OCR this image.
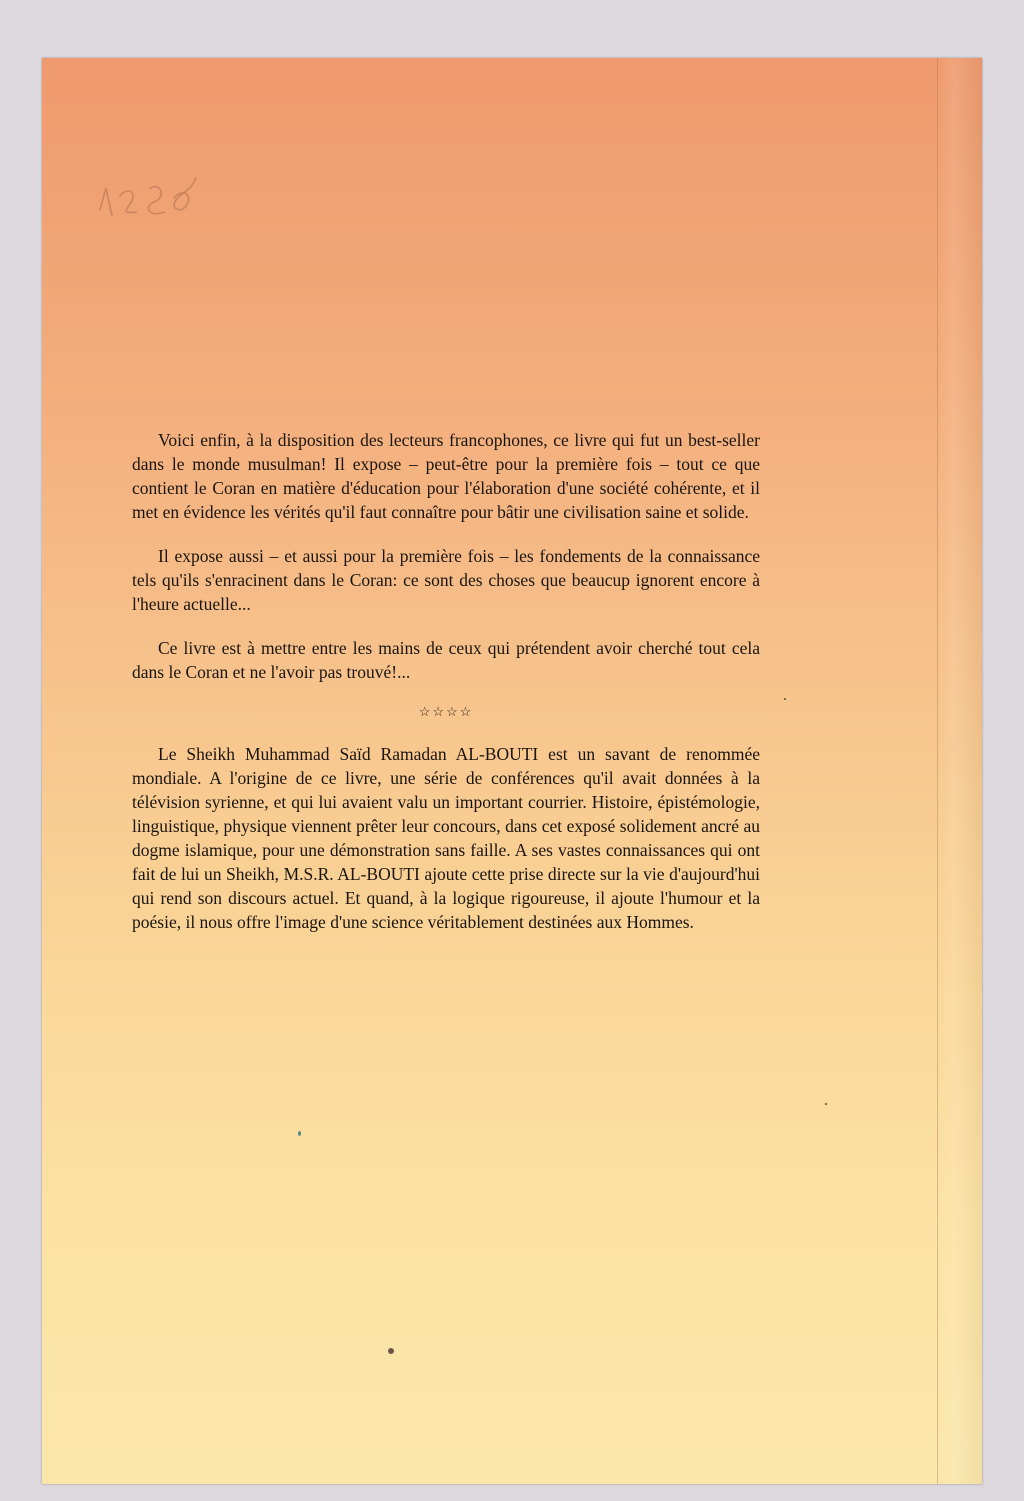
Voici enfin, à la disposition des lecteurs francophones, ce livre qui fut un best-seller dans le monde musulman! Il expose – peut-être pour la première fois – tout ce que contient le Coran en matière d'éducation pour l'élaboration d'une société cohérente, et il met en évidence les vérités qu'il faut connaître pour bâtir une civilisation saine et solide.

Il expose aussi – et aussi pour la première fois – les fondements de la connaissance tels qu'ils s'enracinent dans le Coran: ce sont des choses que beaucup ignorent encore à l'heure actuelle...

Ce livre est à mettre entre les mains de ceux qui prétendent avoir cherché tout cela dans le Coran et ne l'avoir pas trouvé!...

☆☆☆☆

Le Sheikh Muhammad Saïd Ramadan AL-BOUTI est un savant de renommée mondiale. A l'origine de ce livre, une série de conférences qu'il avait données à la télévision syrienne, et qui lui avaient valu un important courrier. Histoire, épistémologie, linguistique, physique viennent prêter leur concours, dans cet exposé solidement ancré au dogme islamique, pour une démonstration sans faille. A ses vastes connaissances qui ont fait de lui un Sheikh, M.S.R. AL-BOUTI ajoute cette prise directe sur la vie d'aujourd'hui qui rend son discours actuel. Et quand, à la logique rigoureuse, il ajoute l'humour et la poésie, il nous offre l'image d'une science véritablement destinées aux Hommes.
